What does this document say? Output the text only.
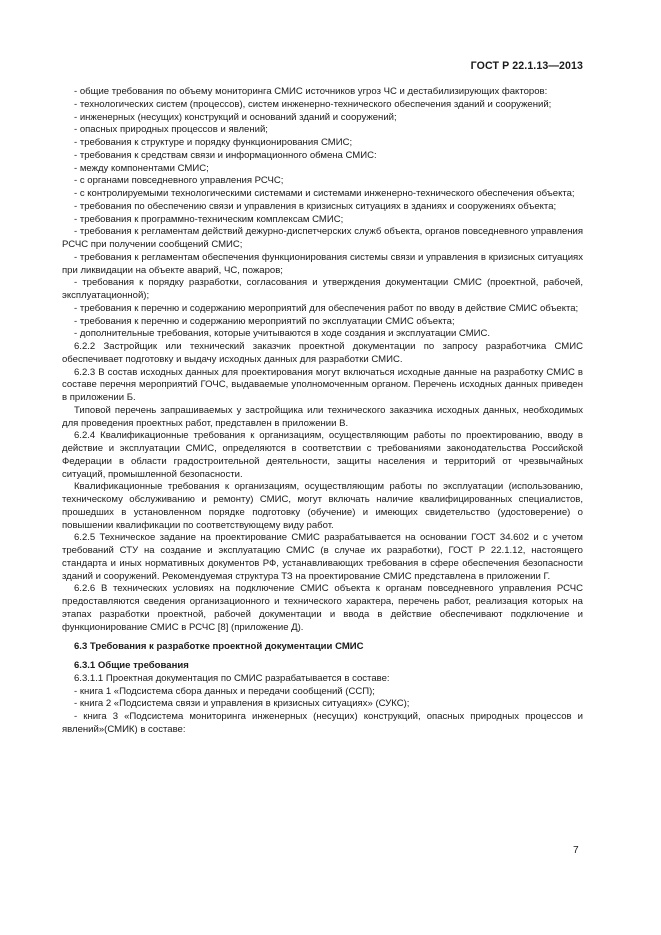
ГОСТ Р 22.1.13—2013

- общие требования по объему мониторинга СМИС источников угроз ЧС и дестабилизирующих факторов:

- технологических систем (процессов), систем инженерно-технического обеспечения зданий и сооружений;

- инженерных (несущих) конструкций и оснований зданий и сооружений;

- опасных природных процессов и явлений;

- требования к структуре и порядку функционирования СМИС;

- требования к средствам связи и информационного обмена СМИС:

- между компонентами СМИС;

- с органами повседневного управления РСЧС;

- с контролируемыми технологическими системами и системами инженерно-технического обеспечения объекта;

- требования по обеспечению связи и управления в кризисных ситуациях в зданиях и сооружениях объекта;

- требования к программно-техническим комплексам СМИС;

- требования к регламентам действий дежурно-диспетчерских служб объекта, органов повседневного управления РСЧС при получении сообщений СМИС;

- требования к регламентам обеспечения функционирования системы связи и управления в кризисных ситуациях при ликвидации на объекте аварий, ЧС, пожаров;

- требования к порядку разработки, согласования и утверждения документации СМИС (проектной, рабочей, эксплуатационной);

- требования к перечню и содержанию мероприятий для обеспечения работ по вводу в действие СМИС объекта;

- требования к перечню и содержанию мероприятий по эксплуатации СМИС объекта;

- дополнительные требования, которые учитываются в ходе создания и эксплуатации СМИС.

6.2.2 Застройщик или технический заказчик проектной документации по запросу разработчика СМИС обеспечивает подготовку и выдачу исходных данных для разработки СМИС.

6.2.3 В состав исходных данных для проектирования могут включаться исходные данные на разработку СМИС в составе перечня мероприятий ГОЧС, выдаваемые уполномоченным органом. Перечень исходных данных приведен в приложении Б.

Типовой перечень запрашиваемых у застройщика или технического заказчика исходных данных, необходимых для проведения проектных работ, представлен в приложении В.

6.2.4 Квалификационные требования к организациям, осуществляющим работы по проектированию, вводу в действие и эксплуатации СМИС, определяются в соответствии с требованиями законодательства Российской Федерации в области градостроительной деятельности, защиты населения и территорий от чрезвычайных ситуаций, промышленной безопасности.

Квалификационные требования к организациям, осуществляющим работы по эксплуатации (использованию, техническому обслуживанию и ремонту) СМИС, могут включать наличие квалифицированных специалистов, прошедших в установленном порядке подготовку (обучение) и имеющих свидетельство (удостоверение) о повышении квалификации по соответствующему виду работ.

6.2.5 Техническое задание на проектирование СМИС разрабатывается на основании ГОСТ 34.602 и с учетом требований СТУ на создание и эксплуатацию СМИС (в случае их разработки), ГОСТ Р 22.1.12, настоящего стандарта и иных нормативных документов РФ, устанавливающих требования в сфере обеспечения безопасности зданий и сооружений. Рекомендуемая структура ТЗ на проектирование СМИС представлена в приложении Г.

6.2.6 В технических условиях на подключение СМИС объекта к органам повседневного управления РСЧС предоставляются сведения организационного и технического характера, перечень работ, реализация которых на этапах разработки проектной, рабочей документации и ввода в действие обеспечивают подключение и функционирование СМИС в РСЧС [8] (приложение Д).

6.3 Требования к разработке проектной документации СМИС

6.3.1 Общие требования

6.3.1.1 Проектная документация по СМИС разрабатывается в составе:

- книга 1 «Подсистема сбора данных и передачи сообщений (ССП);

- книга 2 «Подсистема связи и управления в кризисных ситуациях» (СУКС);

- книга 3 «Подсистема мониторинга инженерных (несущих) конструкций, опасных природных процессов и явлений»(СМИК) в составе:

7
